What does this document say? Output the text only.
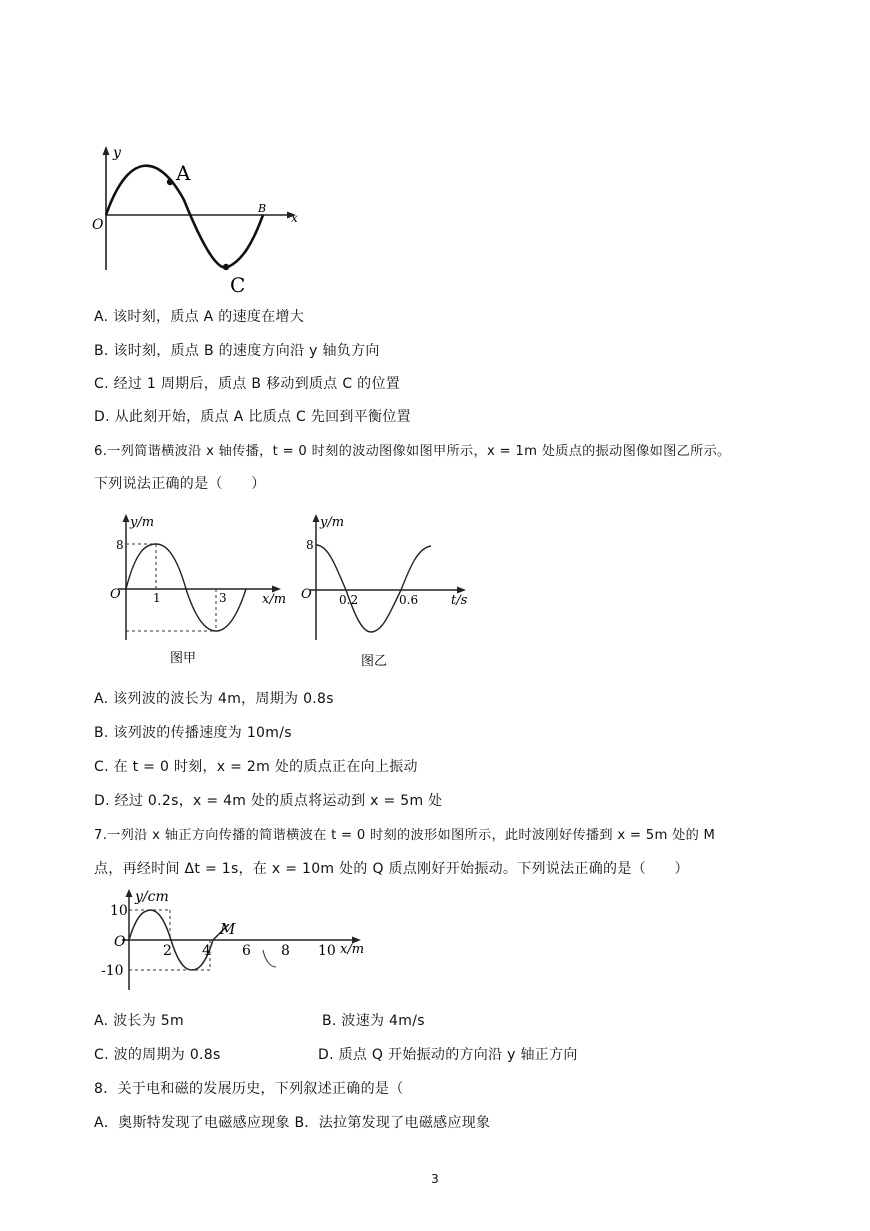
y
x
O
A
B
C
A. 该时刻，质点 A 的速度在增大
B. 该时刻，质点 B 的速度方向沿 y 轴负方向
C. 经过 1 周期后，质点 B 移动到质点 C 的位置
D. 从此刻开始，质点 A 比质点 C 先回到平衡位置
6.一列简谐横波沿 x 轴传播，t = 0 时刻的波动图像如图甲所示，x = 1m 处质点的振动图像如图乙所示。
下列说法正确的是（　　）
y/m
x/m
O
8
1	3
图甲
y/m
t/s
O
8
0.2	0.6
图乙
A. 该列波的波长为 4m，周期为 0.8s
B. 该列波的传播速度为 10m/s
C. 在 t = 0 时刻，x = 2m 处的质点正在向上振动
D. 经过 0.2s，x = 4m 处的质点将运动到 x = 5m 处
7.一列沿 x 轴正方向传播的简谐横波在 t = 0 时刻的波形如图所示，此时波刚好传播到 x = 5m 处的 M
点，再经时间 Δt = 1s，在 x = 10m 处的 Q 质点刚好开始振动。下列说法正确的是（　　）
y/cm
x/m
O
10
-10
2 4 6 8 10
M
A. 波长为 5m	B. 波速为 4m/s
C. 波的周期为 0.8s	D. 质点 Q 开始振动的方向沿 y 轴正方向
8．关于电和磁的发展历史，下列叙述正确的是（
A．奥斯特发现了电磁感应现象 B．法拉第发现了电磁感应现象
3
